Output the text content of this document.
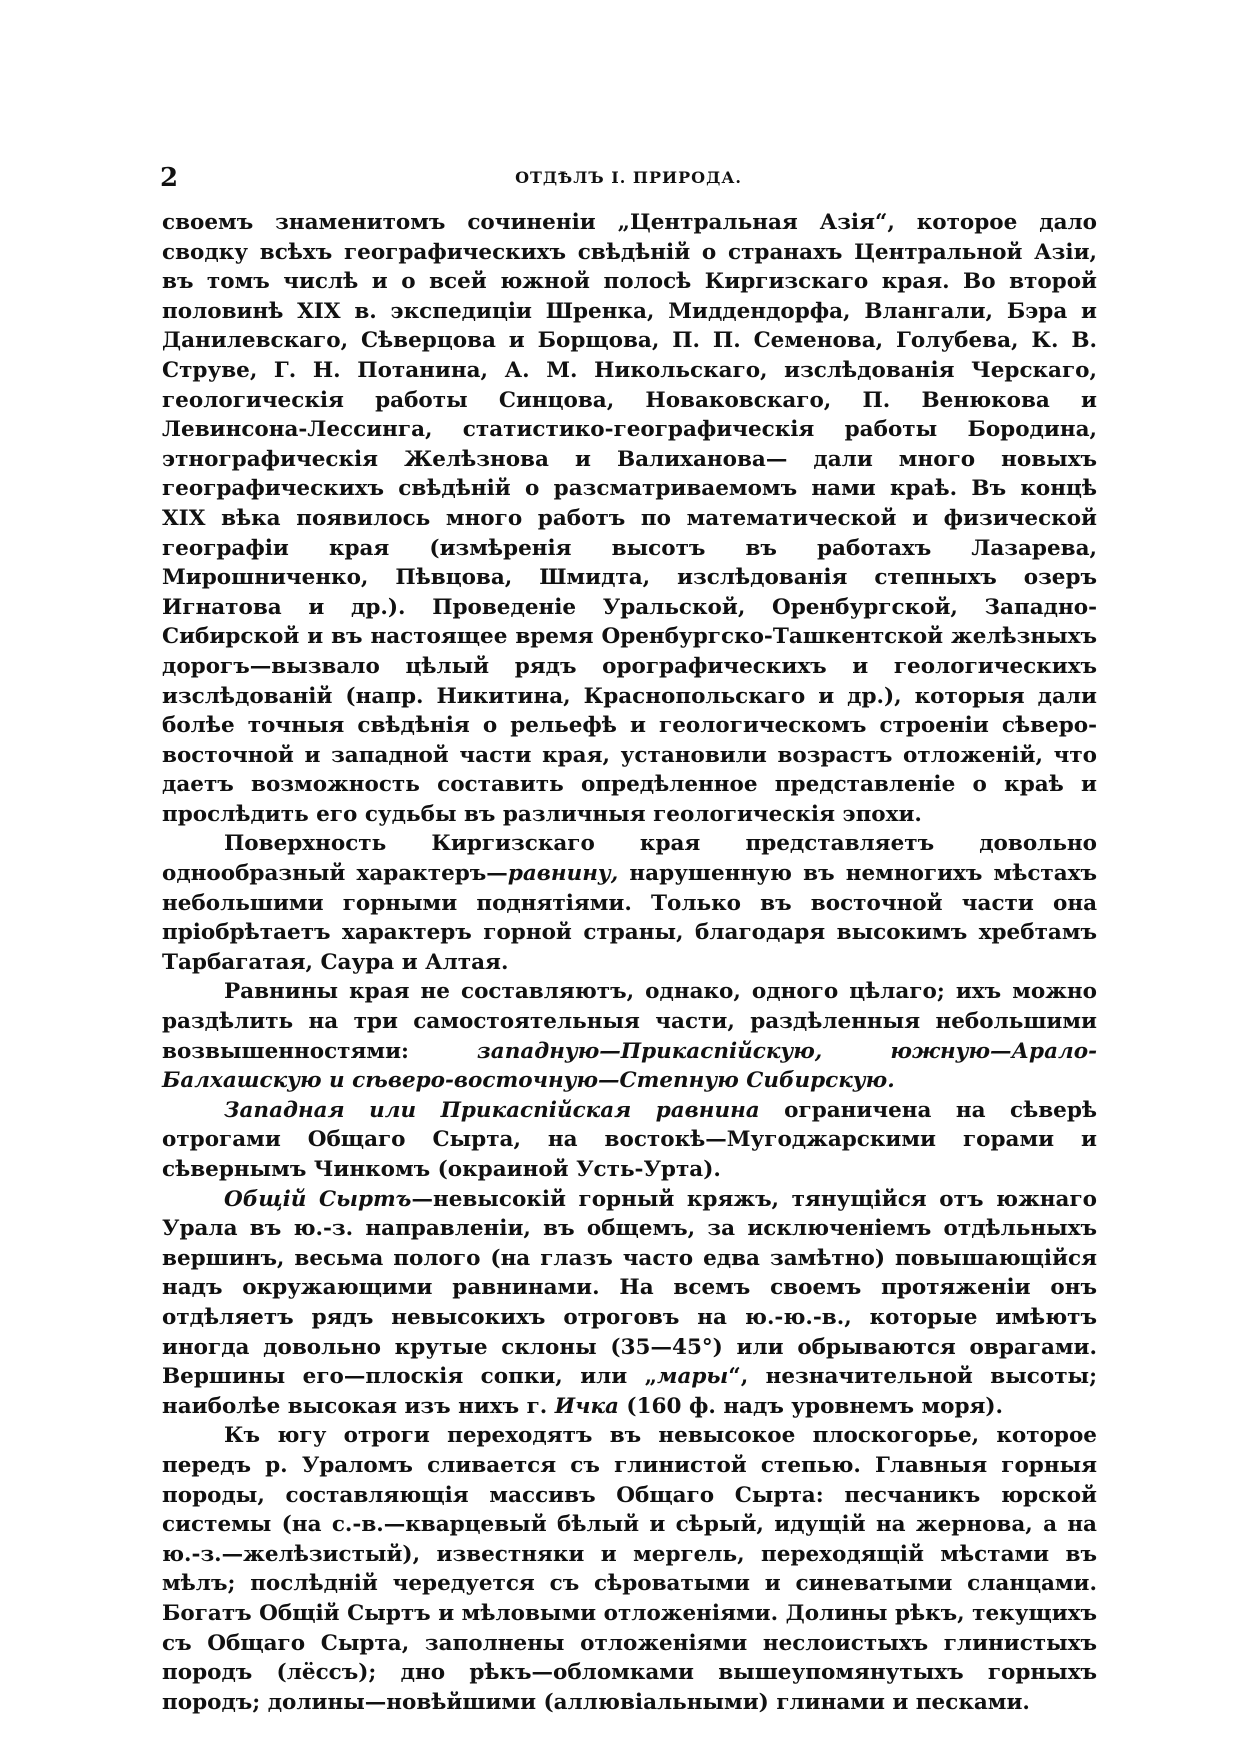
2	ОТДѢЛЪ I. ПРИРОДА.

своемъ знаменитомъ сочиненіи „Центральная Азія“, которое дало сводку всѣхъ географическихъ свѣдѣній о странахъ Центральной Азіи, въ томъ числѣ и о всей южной полосѣ Киргизскаго края. Во второй половинѣ XIX в. экспедиціи Шренка, Миддендорфа, Влангали, Бэра и Данилевскаго, Сѣверцова и Борщова, П. П. Семенова, Голубева, К. В. Струве, Г. Н. Потанина, А. М. Никольскаго, изслѣдованія Черскаго, геологическія работы Синцова, Новаковскаго, П. Венюкова и Левинсона-Лессинга, статистико-географическія работы Бородина, этнографическія Желѣзнова и Валиханова— дали много новыхъ географическихъ свѣдѣній о разсматриваемомъ нами краѣ. Въ концѣ XIX вѣка появилось много работъ по математической и физической географіи края (измѣренія высотъ въ работахъ Лазарева, Мирошниченко, Пѣвцова, Шмидта, изслѣдованія степныхъ озеръ Игнатова и др.). Проведеніе Уральской, Оренбургской, Западно-Сибирской и въ настоящее время Оренбургско-Ташкентской желѣзныхъ дорогъ—вызвало цѣлый рядъ орографическихъ и геологическихъ изслѣдованій (напр. Никитина, Краснопольскаго и др.), которыя дали болѣе точныя свѣдѣнія о рельефѣ и геологическомъ строеніи сѣверо-восточной и западной части края, установили возрастъ отложеній, что даетъ возможность составить опредѣленное представленіе о краѣ и прослѣдить его судьбы въ различныя геологическія эпохи.

Поверхность Киргизскаго края представляетъ довольно однообразный характеръ—равнину, нарушенную въ немногихъ мѣстахъ небольшими горными поднятіями. Только въ восточной части она пріобрѣтаетъ характеръ горной страны, благодаря высокимъ хребтамъ Тарбагатая, Саура и Алтая.

Равнины края не составляютъ, однако, одного цѣлаго; ихъ можно раздѣлить на три самостоятельныя части, раздѣленныя небольшими возвышенностями: западную—Прикаспійскую, южную—Арало-Балхашскую и сѣверо-восточную—Степную Сибирскую.

Западная или Прикаспійская равнина ограничена на сѣверѣ отрогами Общаго Сырта, на востокѣ—Мугоджарскими горами и сѣвернымъ Чинкомъ (окраиной Усть-Урта).

Общій Сыртъ—невысокій горный кряжъ, тянущійся отъ южнаго Урала въ ю.-з. направленіи, въ общемъ, за исключеніемъ отдѣльныхъ вершинъ, весьма полого (на глазъ часто едва замѣтно) повышающійся надъ окружающими равнинами. На всемъ своемъ протяженіи онъ отдѣляетъ рядъ невысокихъ отроговъ на ю.-ю.-в., которые имѣютъ иногда довольно крутые склоны (35—45°) или обрываются оврагами. Вершины его—плоскія сопки, или „мары“, незначительной высоты; наиболѣе высокая изъ нихъ г. Ичка (160 ф. надъ уровнемъ моря).

Къ югу отроги переходятъ въ невысокое плоскогорье, которое передъ р. Ураломъ сливается съ глинистой степью. Главныя горныя породы, составляющія массивъ Общаго Сырта: песчаникъ юрской системы (на с.-в.—кварцевый бѣлый и сѣрый, идущій на жернова, а на ю.-з.—желѣзистый), известняки и мергель, переходящій мѣстами въ мѣлъ; послѣдній чередуется съ сѣроватыми и синеватыми сланцами. Богатъ Общій Сыртъ и мѣловыми отложеніями. Долины рѣкъ, текущихъ съ Общаго Сырта, заполнены отложеніями неслоистыхъ глинистыхъ породъ (лёссъ); дно рѣкъ—обломками вышеупомянутыхъ горныхъ породъ; долины—новѣйшими (аллювіальными) глинами и песками.
